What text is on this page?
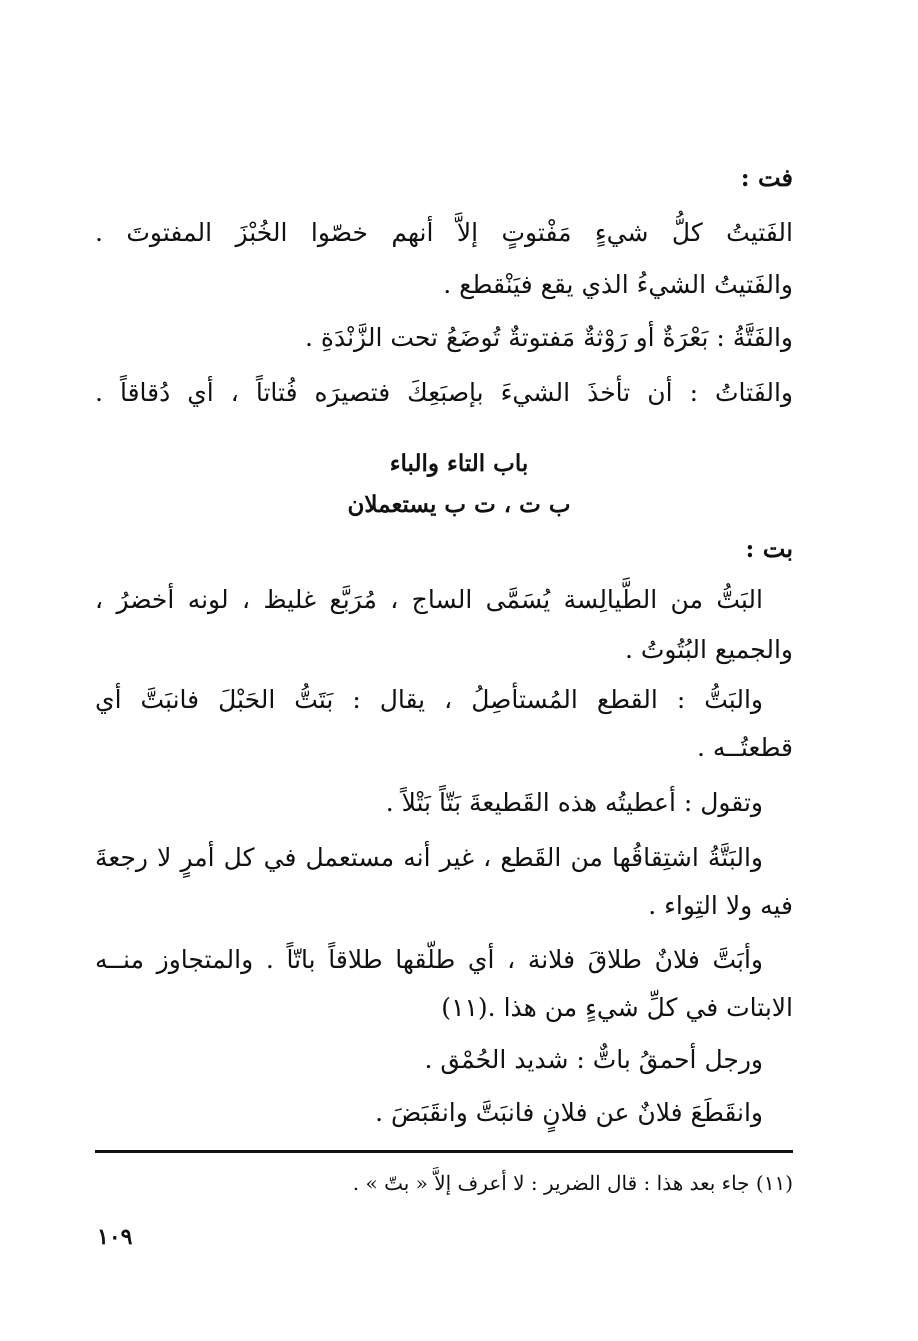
فت :
الفَتيتُ كلُّ شيءٍ مَفْتوتٍ إلاَّ أنهم خصّوا الخُبْزَ المفتوتَ .
والفَتيتُ الشيءُ الذي يقع فيَنْقطع .
والفَتَّةُ : بَعْرَةٌ أو رَوْثةٌ مَفتوتةٌ تُوضَعُ تحت الزَّنْدَةِ .
والفَتاتُ : أن تأخذَ الشيءَ بإصبَعِكَ فتصيرَه فُتاتاً ، أي دُقاقاً .
باب التاء والباء
ب ت ، ت ب يستعملان
بت :
البَتُّ من الطَّيالِسة يُسَمَّى الساج ، مُرَبَّع غليظ ، لونه أخضرُ ،
والجميع البُتُوتُ .
والبَتُّ : القطع المُستأصِلُ ، يقال : بَتَتُّ الحَبْلَ فانبَتَّ أي
قطعتُــه .
وتقول : أعطيتُه هذه القَطيعةَ بَتّاً بَتْلاً .
والبَتَّةُ اشتِقاقُها من القَطع ، غير أنه مستعمل في كل أمرٍ لا رجعةَ
فيه ولا التِواء .
وأبَتَّ فلانٌ طلاقَ فلانة ، أي طلّقها طلاقاً باتّاً . والمتجاوز منــه
الابتات في كلِّ شيءٍ من هذا .(١١)
ورجل أحمقُ باتٌّ : شديد الحُمْق .
وانقَطَعَ فلانٌ عن فلانٍ فانبَتَّ وانقَبَضَ .
(١١) جاء بعد هذا : قال الضرير : لا أعرف إلاَّ « بتّ » .
١٠٩
